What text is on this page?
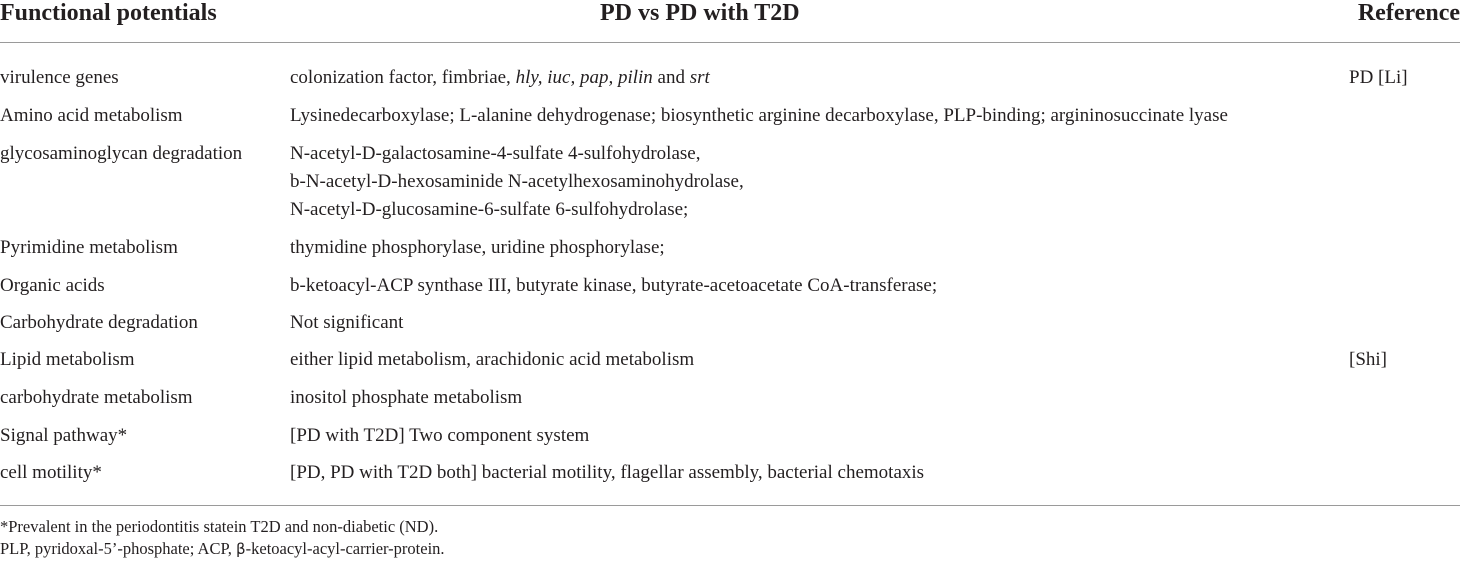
Functional potentials	PD vs PD with T2D	Reference
virulence genes	colonization factor, fimbriae, hly, iuc, pap, pilin and srt	PD [Li]
Amino acid metabolism	Lysinedecarboxylase; L-alanine dehydrogenase; biosynthetic arginine decarboxylase, PLP-binding; argininosuccinate lyase
glycosaminoglycan degradation	N-acetyl-D-galactosamine-4-sulfate 4-sulfohydrolase,
b-N-acetyl-D-hexosaminide N-acetylhexosaminohydrolase,
N-acetyl-D-glucosamine-6-sulfate 6-sulfohydrolase;
Pyrimidine metabolism	thymidine phosphorylase, uridine phosphorylase;
Organic acids	b-ketoacyl-ACP synthase III, butyrate kinase, butyrate-acetoacetate CoA-transferase;
Carbohydrate degradation	Not significant
Lipid metabolism	either lipid metabolism, arachidonic acid metabolism	[Shi]
carbohydrate metabolism	inositol phosphate metabolism
Signal pathway*	[PD with T2D] Two component system
cell motility*	[PD, PD with T2D both] bacterial motility, flagellar assembly, bacterial chemotaxis
*Prevalent in the periodontitis statein T2D and non-diabetic (ND).
PLP, pyridoxal-5’-phosphate; ACP, β-ketoacyl-acyl-carrier-protein.
